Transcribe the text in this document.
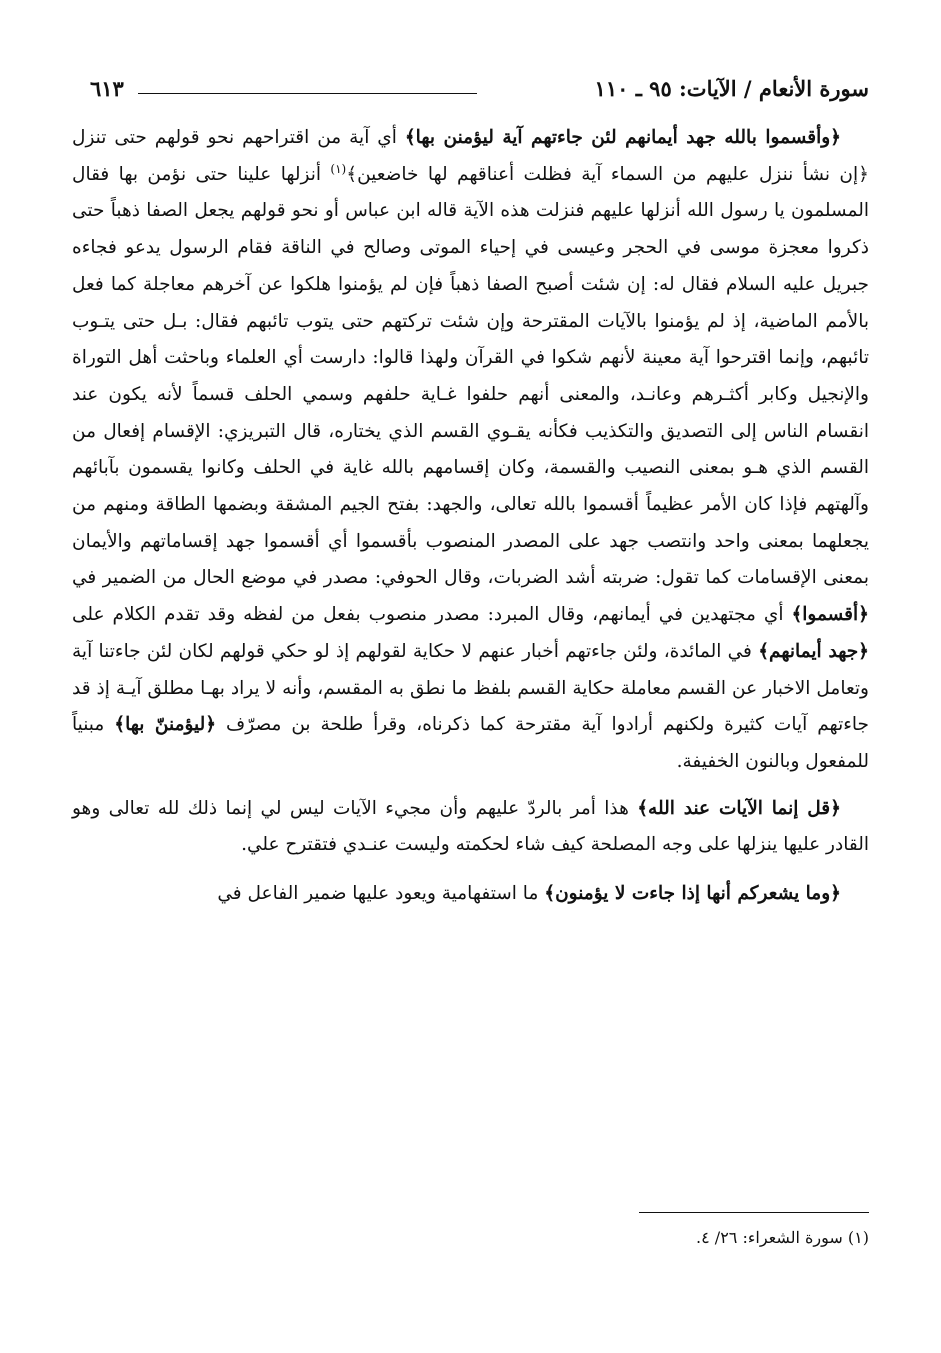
سورة الأنعام / الآيات: ٩٥ ـ ١١٠
٦١٣

﴿وأقسموا بالله جهد أيمانهم لئن جاءتهم آية ليؤمنن بها﴾ أي آية من اقتراحهم نحو قولهم حتى تنزل ﴿إن نشأ ننزل عليهم من السماء آية فظلت أعناقهم لها خاضعين﴾$^{(١)}$ أنزلها علينا حتى نؤمن بها فقال المسلمون يا رسول الله أنزلها عليهم فنزلت هذه الآية قاله ابن عباس أو نحو قولهم يجعل الصفا ذهباً حتى ذكروا معجزة موسى في الحجر وعيسى في إحياء الموتى وصالح في الناقة فقام الرسول يدعو فجاءه جبريل عليه السلام فقال له: إن شئت أصبح الصفا ذهباً فإن لم يؤمنوا هلكوا عن آخرهم معاجلة كما فعل بالأمم الماضية، إذ لم يؤمنوا بالآيات المقترحة وإن شئت تركتهم حتى يتوب تائبهم فقال: بـل حتى يتـوب تائبهم، وإنما اقترحوا آية معينة لأنهم شكوا في القرآن ولهذا قالوا: دارست أي العلماء وباحثت أهل التوراة والإنجيل وكابر أكثـرهم وعانـد، والمعنى أنهم حلفوا غـاية حلفهم وسمي الحلف قسماً لأنه يكون عند انقسام الناس إلى التصديق والتكذيب فكأنه يقـوي القسم الذي يختاره، قال التبريزي: الإقسام إفعال من القسم الذي هـو بمعنى النصيب والقسمة، وكان إقسامهم بالله غاية في الحلف وكانوا يقسمون بآبائهم وآلهتهم فإذا كان الأمر عظيماً أقسموا بالله تعالى، والجهد: بفتح الجيم المشقة وبضمها الطاقة ومنهم من يجعلهما بمعنى واحد وانتصب جهد على المصدر المنصوب بأقسموا أي أقسموا جهد إقساماتهم والأيمان بمعنى الإقسامات كما تقول: ضربته أشد الضربات، وقال الحوفي: مصدر في موضع الحال من الضمير في ﴿أقسموا﴾ أي مجتهدين في أيمانهم، وقال المبرد: مصدر منصوب بفعل من لفظه وقد تقدم الكلام على ﴿جهد أيمانهم﴾ في المائدة، ولئن جاءتهم أخبار عنهم لا حكاية لقولهم إذ لو حكي قولهم لكان لئن جاءتنا آية وتعامل الاخبار عن القسم معاملة حكاية القسم بلفظ ما نطق به المقسم، وأنه لا يراد بهـا مطلق آيـة إذ قد جاءتهم آيات كثيرة ولكنهم أرادوا آية مقترحة كما ذكرناه، وقرأ طلحة بن مصرّف ﴿ليؤمننّ بها﴾ مبنياً للمفعول وبالنون الخفيفة.

﴿قل إنما الآيات عند الله﴾ هذا أمر بالردّ عليهم وأن مجيء الآيات ليس لي إنما ذلك لله تعالى وهو القادر عليها ينزلها على وجه المصلحة كيف شاء لحكمته وليست عنـدي فتقترح علي.

﴿وما يشعركم أنها إذا جاءت لا يؤمنون﴾ ما استفهامية ويعود عليها ضمير الفاعل في

(١) سورة الشعراء: ٢٦/ ٤.
